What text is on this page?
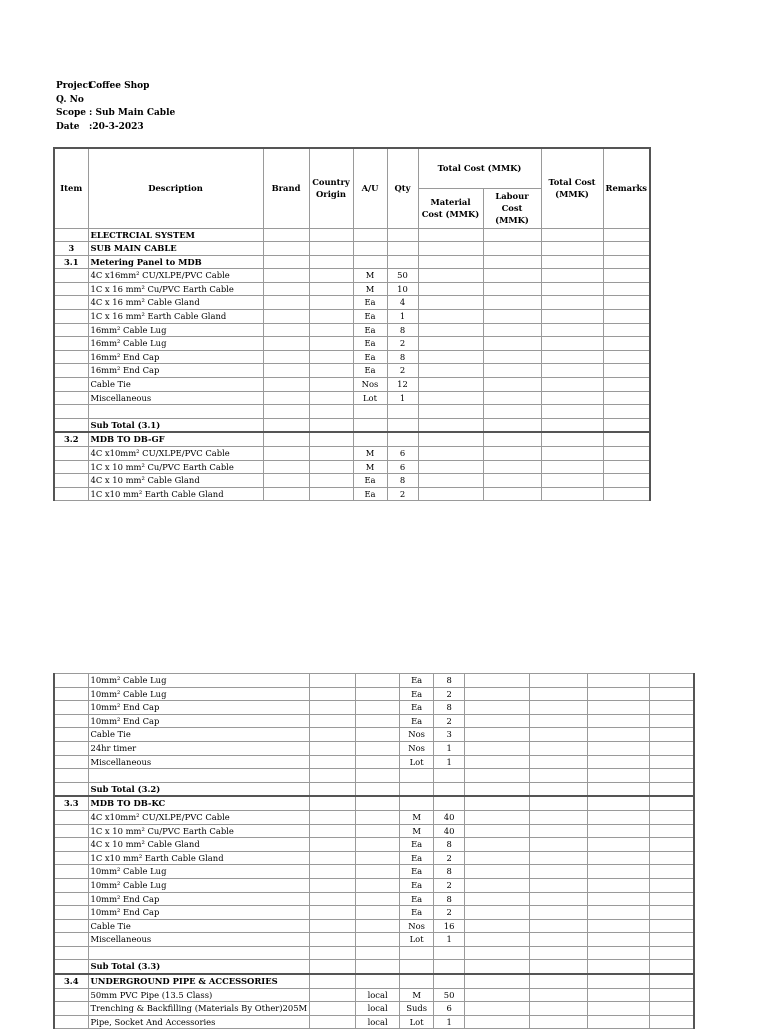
Project
Coffee Shop
Q. No
Scope : Sub Main Cable
Date	:20-3-2023
Item	Description	Brand	Country Origin	A/U	Qty	Total Cost (MMK)		Total Cost (MMK)	Remarks
						Material Cost (MMK)	Labour Cost (MMK)		
	ELECTRCIAL SYSTEM								
3	SUB MAIN CABLE								
3.1	Metering Panel to MDB								
	4C x16mm² CU/XLPE/PVC Cable			M	50				
	1C x 16 mm² Cu/PVC Earth Cable			M	10				
	4C x 16 mm² Cable Gland			Ea	4				
	1C x 16 mm² Earth Cable Gland			Ea	1				
	16mm² Cable Lug			Ea	8				
	16mm² Cable Lug			Ea	2				
	16mm² End Cap			Ea	8				
	16mm² End Cap			Ea	2				
	Cable Tie			Nos	12				
	Miscellaneous			Lot	1				

	Sub Total (3.1)								
3.2	MDB TO DB-GF								
	4C x10mm² CU/XLPE/PVC Cable			M	6				
	1C x 10 mm² Cu/PVC Earth Cable			M	6				
	4C x 10 mm² Cable Gland			Ea	8				
	1C x10 mm² Earth Cable Gland			Ea	2				
	10mm² Cable Lug			Ea	8				
	10mm² Cable Lug			Ea	2				
	10mm² End Cap			Ea	8				
	10mm² End Cap			Ea	2				
	Cable Tie			Nos	3				
	24hr timer			Nos	1				
	Miscellaneous			Lot	1				

	Sub Total (3.2)								
3.3	MDB TO DB-KC								
	4C x10mm² CU/XLPE/PVC Cable			M	40				
	1C x 10 mm² Cu/PVC Earth Cable			M	40				
	4C x 10 mm² Cable Gland			Ea	8				
	1C x10 mm² Earth Cable Gland			Ea	2				
	10mm² Cable Lug			Ea	8				
	10mm² Cable Lug			Ea	2				
	10mm² End Cap			Ea	8				
	10mm² End Cap			Ea	2				
	Cable Tie			Nos	16				
	Miscellaneous			Lot	1				

	Sub Total (3.3)								
3.4	UNDERGROUND PIPE & ACCESSORIES								
	50mm PVC Pipe (13.5 Class)		local	M	50				
	Trenching & Backfilling (Materials By Other)205M		local	Suds	6				
	Pipe, Socket And Accessories		local	Lot	1				
